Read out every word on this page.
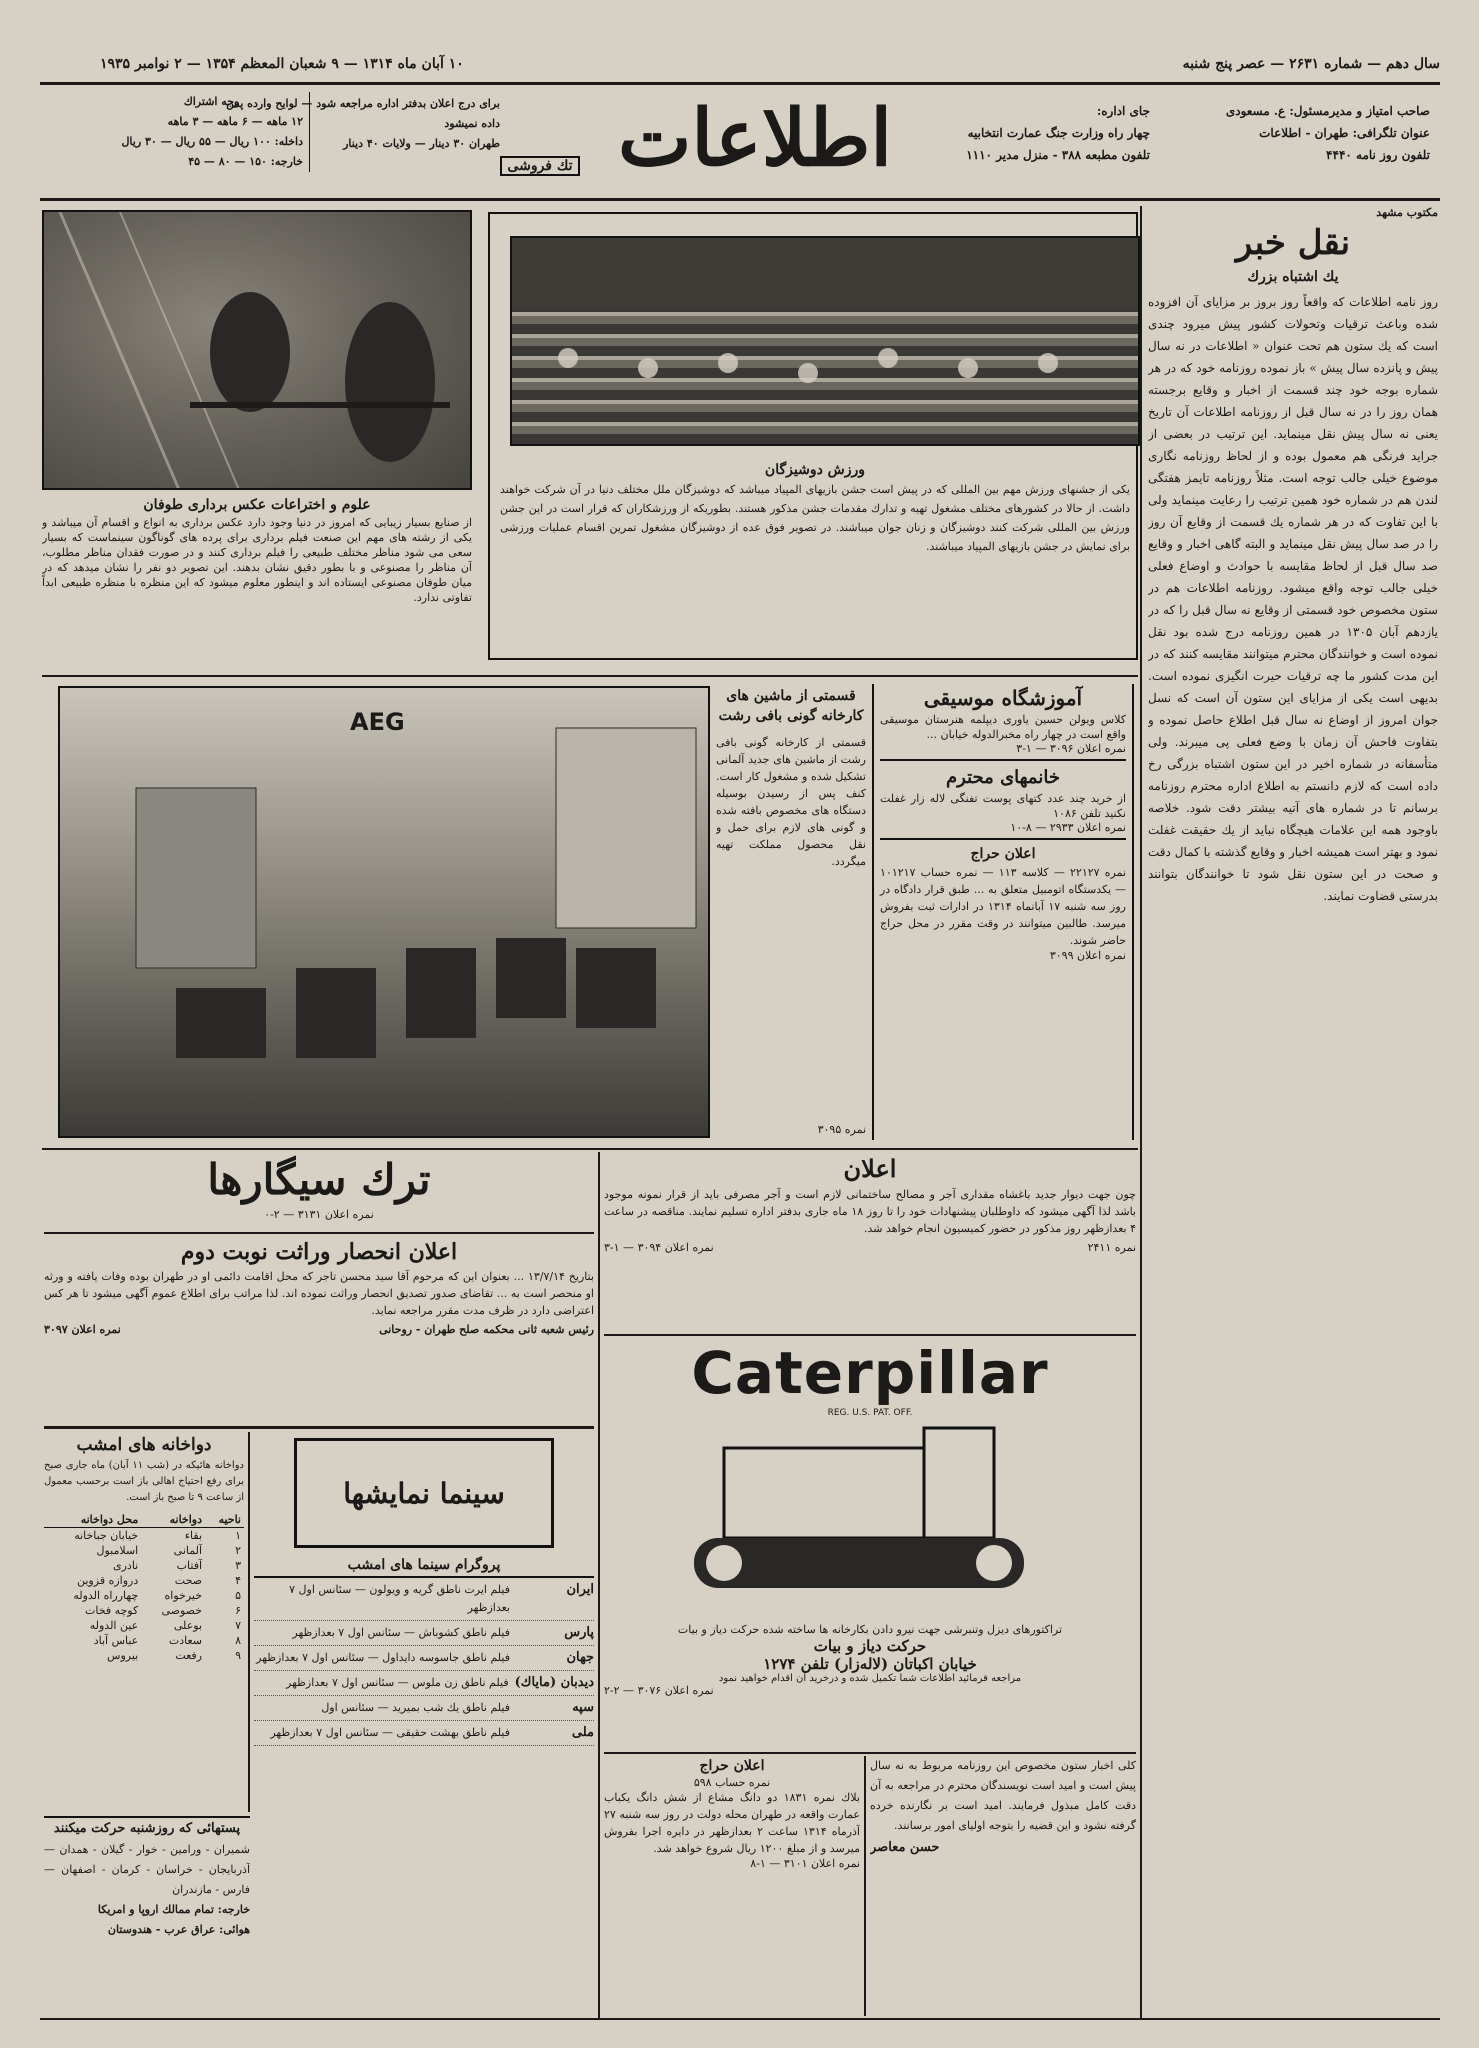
سال دهم — شماره ۲۶۳۱ — عصر پنج شنبه
۱۰ آبان ماه ۱۳۱۴ — ۹ شعبان المعظم ۱۳۵۴ — ۲ نوامبر ۱۹۳۵
صاحب امتیاز و مدیرمسئول: ع. مسعودی
عنوان تلگرافی: طهران - اطلاعات
تلفون روز نامه ۴۴۴۰
جای اداره:
چهار راه وزارت جنگ عمارت انتخابیه
تلفون مطبعه ۳۸۸ - منزل مدیر ۱۱۱۰
اطلاعات
تك فروشی
برای درج اعلان بدفتر اداره مراجعه شود — لوایح وارده پس داده نمیشود
طهران ۳۰ دینار — ولایات ۴۰ دینار
وجه اشتراك
۱۲ ماهه — ۶ ماهه — ۳ ماهه
داخله: ۱۰۰ ریال — ۵۵ ریال — ۳۰ ریال
خارجه: ۱۵۰ — ۸۰ — ۴۵
مکتوب مشهد
نقل خبر
یك اشتباه بزرك
روز نامه اطلاعات که واقعاً روز بروز بر مزایای آن افزوده شده وباعث ترقیات وتحولات کشور پیش میرود چندی است که یك ستون هم تحت عنوان « اطلاعات در نه سال پیش و پانزده سال پیش » باز نموده روزنامه خود که در هر شماره بوجه خود چند قسمت از اخبار و وقایع برجسته همان روز را در نه سال قبل از روزنامه اطلاعات آن تاریخ یعنی نه سال پیش نقل مینماید. این ترتیب در بعضی از جراید فرنگی هم معمول بوده و از لحاظ روزنامه نگاری موضوع خیلی جالب توجه است. مثلاً روزنامه تایمز هفتگی لندن هم در شماره خود همین ترتیب را رعایت مینماید ولی با این تفاوت که در هر شماره یك قسمت از وقایع آن روز را در صد سال پیش نقل مینماید و البته گاهی اخبار و وقایع صد سال قبل از لحاظ مقایسه با حوادث و اوضاع فعلی خیلی جالب توجه واقع میشود. روزنامه اطلاعات هم در ستون مخصوص خود قسمتی از وقایع نه سال قبل را که در یازدهم آبان ۱۳۰۵ در همین روزنامه درج شده بود نقل نموده است و خوانندگان محترم میتوانند مقایسه کنند که در این مدت کشور ما چه ترقیات حیرت انگیزی نموده است. بدیهی است یکی از مزایای این ستون آن است که نسل جوان امروز از اوضاع نه سال قبل اطلاع حاصل نموده و بتفاوت فاحش آن زمان با وضع فعلی پی میبرند. ولی متأسفانه در شماره اخیر در این ستون اشتباه بزرگی رخ داده است که لازم دانستم به اطلاع اداره محترم روزنامه برسانم تا در شماره های آتیه بیشتر دقت شود. خلاصه باوجود همه این علامات هیچگاه نباید از یك حقیقت غفلت نمود و بهتر است همیشه اخبار و وقایع گذشته با کمال دقت و صحت در این ستون نقل شود تا خوانندگان بتوانند بدرستی قضاوت نمایند.
علوم و اختراعات عکس برداری طوفان
از صنایع بسیار زیبایی که امروز در دنیا وجود دارد عکس برداری به انواع و اقسام آن میباشد و یکی از رشته های مهم این صنعت فیلم برداری برای پرده های گوناگون سینماست که بسیار سعی می شود مناظر مختلف طبیعی را فیلم برداری کنند و در صورت فقدان مناظر مطلوب، آن مناظر را مصنوعی و با بطور دقیق نشان بدهند. این تصویر دو نفر را نشان میدهد که در میان طوفان مصنوعی ایستاده اند و اینطور معلوم میشود که این منظره با منظره طبیعی ابداً تفاوتی ندارد.
ورزش دوشیزگان
یکی از جشنهای ورزش مهم بین المللی که در پیش است جشن بازیهای المپیاد میباشد که دوشیزگان ملل مختلف دنیا در آن شرکت خواهند داشت. از حالا در کشورهای مختلف مشغول تهیه و تدارك مقدمات جشن مذکور هستند. بطوریکه از ورزشکاران که قرار است در این جشن ورزش بین المللی شرکت کنند دوشیزگان و زنان جوان میباشند. در تصویر فوق عده از دوشیزگان مشغول تمرین اقسام عملیات ورزشی برای نمایش در جشن بازیهای المپیاد میباشند.
AEG
قسمتی از ماشین های کارخانه گونی بافی رشت
قسمتی از کارخانه گونی بافی رشت از ماشین های جدید آلمانی تشکیل شده و مشغول کار است. کنف پس از رسیدن بوسیله دستگاه های مخصوص بافته شده و گونی های لازم برای حمل و نقل محصول مملکت تهیه میگردد.
نمره ۳۰۹۵
آموزشگاه موسیقی
کلاس ویولن حسین یاوری دیپلمه هنرستان موسیقی واقع است در چهار راه مخبرالدوله خیابان ...
نمره اعلان ۳۰۹۶ — ۱-۳
خانمهای محترم
از خرید چند عدد کتهای پوست تفنگی لاله زار غفلت نکنید تلفن ۱۰۸۶
نمره اعلان ۲۹۳۳ — ۸-۱۰
اعلان حراج
نمره ۲۲۱۲۷ — کلاسه ۱۱۳ — نمره حساب ۱۰۱۲۱۷ — یکدستگاه اتومبیل متعلق به ... طبق قرار دادگاه در روز سه شنبه ۱۷ آبانماه ۱۳۱۴ در ادارات ثبت بفروش میرسد. طالبین میتوانند در وقت مقرر در محل حراج حاضر شوند.
نمره اعلان ۳۰۹۹
ترك سیگارها
نمره اعلان ۳۱۳۱ — ۲-۰
اعلان انحصار وراثت نوبت دوم
بتاریخ ۱۳/۷/۱۴ ... بعنوان این که مرحوم آقا سید محسن تاجر که محل اقامت دائمی او در طهران بوده وفات یافته و ورثه او منحصر است به ... تقاضای صدور تصدیق انحصار وراثت نموده اند. لذا مراتب برای اطلاع عموم آگهی میشود تا هر کس اعتراضی دارد در ظرف مدت مقرر مراجعه نماید.
رئیس شعبه ثانی محکمه صلح طهران - روحانی
نمره اعلان ۳۰۹۷
اعلان
چون جهت دیوار جدید باغشاه مقداری آجر و مصالح ساختمانی لازم است و آجر مصرفی باید از قرار نمونه موجود باشد لذا آگهی میشود که داوطلبان پیشنهادات خود را تا روز ۱۸ ماه جاری بدفتر اداره تسلیم نمایند. مناقصه در ساعت ۴ بعدازظهر روز مذکور در حضور کمیسیون انجام خواهد شد.
نمره ۲۴۱۱
نمره اعلان ۳۰۹۴ — ۱-۳
Caterpillar
REG. U.S. PAT. OFF.
تراکتورهای دیزل وتنبرشی جهت نیرو دادن بکارخانه ها ساخته شده حرکت دیاز و بیات
حرکت دیاز و بیات
خیابان اکباتان (لاله‌زار) تلفن ۱۲۷۴
مراجعه فرمائید اطلاعات شما تکمیل شده و درخرید آن اقدام خواهید نمود
نمره اعلان ۳۰۷۶ — ۲-۲
دواخانه های امشب
دواخانه هائیکه در (شب ۱۱ آبان) ماه جاری صبح برای رفع احتیاج اهالی باز است برحسب معمول از ساعت ۹ تا صبح باز است.
ناحیه	دواخانه	محل دواخانه
۱	بقاء	خیابان جباخانه
۲	آلمانی	اسلامبول
۳	آفتاب	نادری
۴	صحت	دروازه قزوین
۵	خیرخواه	چهارراه الدوله
۶	خصوصی	کوچه فخات
۷	بوعلی	عین الدوله
۸	سعادت	عباس آباد
۹	رفعت	بیروس
سینما نمایشها
پروگرام سینما های امشب
ایران
فیلم ایرت ناطق گریه و ویولون — سئانس اول ۷ بعدازظهر
پارس
فیلم ناطق کشوباش — سئانس اول ۷ بعدازظهر
جهان
فیلم ناطق جاسوسه دایداول — سئانس اول ۷ بعدازظهر
دیدبان (ماياك)
فیلم ناطق زن ملوس — سئانس اول ۷ بعدازظهر
سپه
فیلم ناطق یك شب بمیرید — سئانس اول
ملی
فیلم ناطق بهشت حقیقی — سئانس اول ۷ بعدازظهر
پستهائی که روزشنبه حرکت میکنند
شمیران - ورامین - خوار - گیلان - همدان — آذربایجان - خراسان - کرمان - اصفهان — فارس - مازندران
خارجه: تمام ممالك اروپا و امریکا
هوائی: عراق عرب - هندوستان
اعلان حراج
نمره حساب ۵۹۸
بلاك نمره ۱۸۳۱ دو دانگ مشاع از شش دانگ یکباب عمارت واقعه در طهران محله دولت در روز سه شنبه ۲۷ آذرماه ۱۳۱۴ ساعت ۲ بعدازظهر در دایره اجرا بفروش میرسد و از مبلغ ۱۲۰۰ ریال شروع خواهد شد.
نمره اعلان ۳۱۰۱ — ۱-۸
کلی اخبار ستون مخصوص این روزنامه مربوط به نه سال پیش است و امید است نویسندگان محترم در مراجعه به آن دقت کامل مبذول فرمایند. امید است بر نگارنده خرده گرفته نشود و این قضیه را بتوجه اولیای امور برسانند.
حسن معاصر
